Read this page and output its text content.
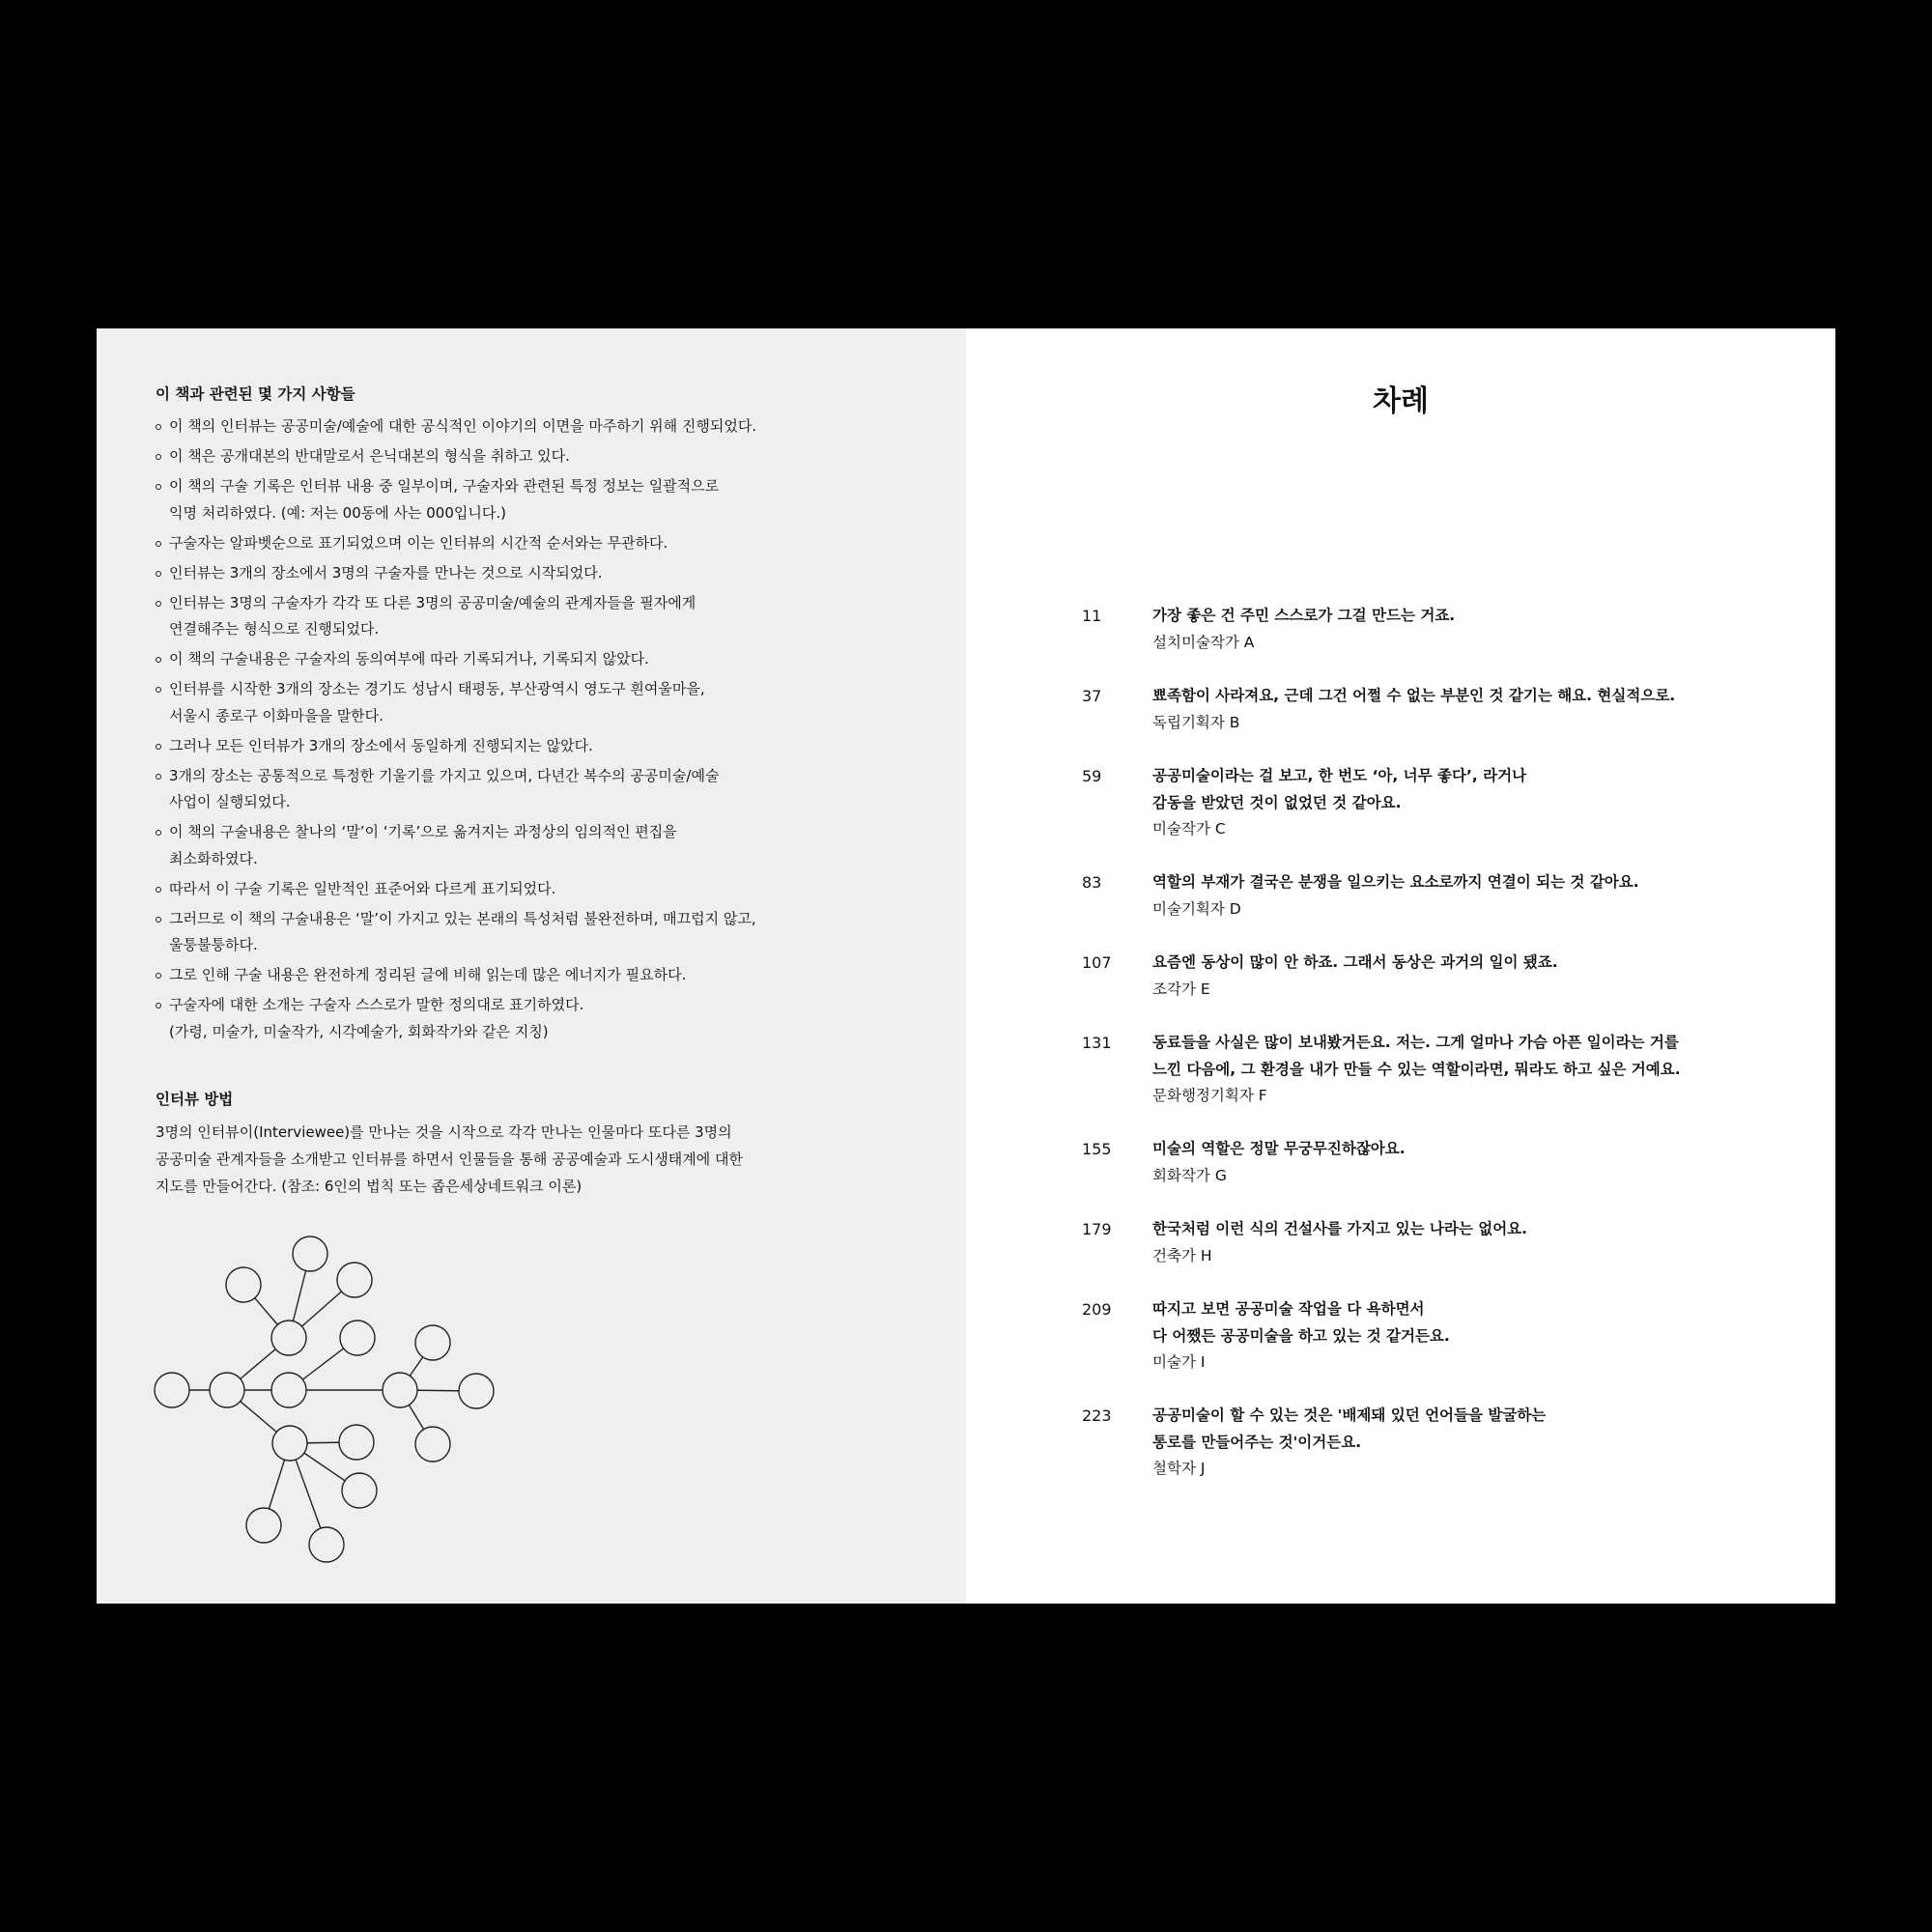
이 책과 관련된 몇 가지 사항들
이 책의 인터뷰는 공공미술/예술에 대한 공식적인 이야기의 이면을 마주하기 위해 진행되었다.
이 책은 공개대본의 반대말로서 은닉대본의 형식을 취하고 있다.
이 책의 구술 기록은 인터뷰 내용 중 일부이며, 구술자와 관련된 특정 정보는 일괄적으로
익명 처리하였다. (예: 저는 00동에 사는 000입니다.)
구술자는 알파벳순으로 표기되었으며 이는 인터뷰의 시간적 순서와는 무관하다.
인터뷰는 3개의 장소에서 3명의 구술자를 만나는 것으로 시작되었다.
인터뷰는 3명의 구술자가 각각 또 다른 3명의 공공미술/예술의 관계자들을 필자에게
연결해주는 형식으로 진행되었다.
이 책의 구술내용은 구술자의 동의여부에 따라 기록되거나, 기록되지 않았다.
인터뷰를 시작한 3개의 장소는 경기도 성남시 태평동, 부산광역시 영도구 흰여울마을,
서울시 종로구 이화마을을 말한다.
그러나 모든 인터뷰가 3개의 장소에서 동일하게 진행되지는 않았다.
3개의 장소는 공통적으로 특정한 기울기를 가지고 있으며, 다년간 복수의 공공미술/예술
사업이 실행되었다.
이 책의 구술내용은 찰나의 ‘말’이 ‘기록’으로 옮겨지는 과정상의 임의적인 편집을
최소화하였다.
따라서 이 구술 기록은 일반적인 표준어와 다르게 표기되었다.
그러므로 이 책의 구술내용은 ‘말’이 가지고 있는 본래의 특성처럼 불완전하며, 매끄럽지 않고,
울퉁불퉁하다.
그로 인해 구술 내용은 완전하게 정리된 글에 비해 읽는데 많은 에너지가 필요하다.
구술자에 대한 소개는 구술자 스스로가 말한 정의대로 표기하였다.
(가령, 미술가, 미술작가, 시각예술가, 회화작가와 같은 지칭)
인터뷰 방법

3명의 인터뷰이(Interviewee)를 만나는 것을 시작으로 각각 만나는 인물마다 또다른 3명의
공공미술 관계자들을 소개받고 인터뷰를 하면서 인물들을 통해 공공예술과 도시생태계에 대한
지도를 만들어간다. (참조: 6인의 법칙 또는 좁은세상네트워크 이론)

차례
11	가장 좋은 건 주민 스스로가 그걸 만드는 거죠.
설치미술작가 A
37	뾰족함이 사라져요, 근데 그건 어쩔 수 없는 부분인 것 같기는 해요. 현실적으로.
독립기획자 B
59	공공미술이라는 걸 보고, 한 번도 ‘아, 너무 좋다’, 라거나
감동을 받았던 것이 없었던 것 같아요.
미술작가 C
83	역할의 부재가 결국은 분쟁을 일으키는 요소로까지 연결이 되는 것 같아요.
미술기획자 D
107	요즘엔 동상이 많이 안 하죠. 그래서 동상은 과거의 일이 됐죠.
조각가 E
131	동료들을 사실은 많이 보내봤거든요. 저는. 그게 얼마나 가슴 아픈 일이라는 거를
느낀 다음에, 그 환경을 내가 만들 수 있는 역할이라면, 뭐라도 하고 싶은 거예요.
문화행정기획자 F
155	미술의 역할은 정말 무궁무진하잖아요.
회화작가 G
179	한국처럼 이런 식의 건설사를 가지고 있는 나라는 없어요.
건축가 H
209	따지고 보면 공공미술 작업을 다 욕하면서
다 어쨌든 공공미술을 하고 있는 것 같거든요.
미술가 I
223	공공미술이 할 수 있는 것은 '배제돼 있던 언어들을 발굴하는
통로를 만들어주는 것'이거든요.
철학자 J
